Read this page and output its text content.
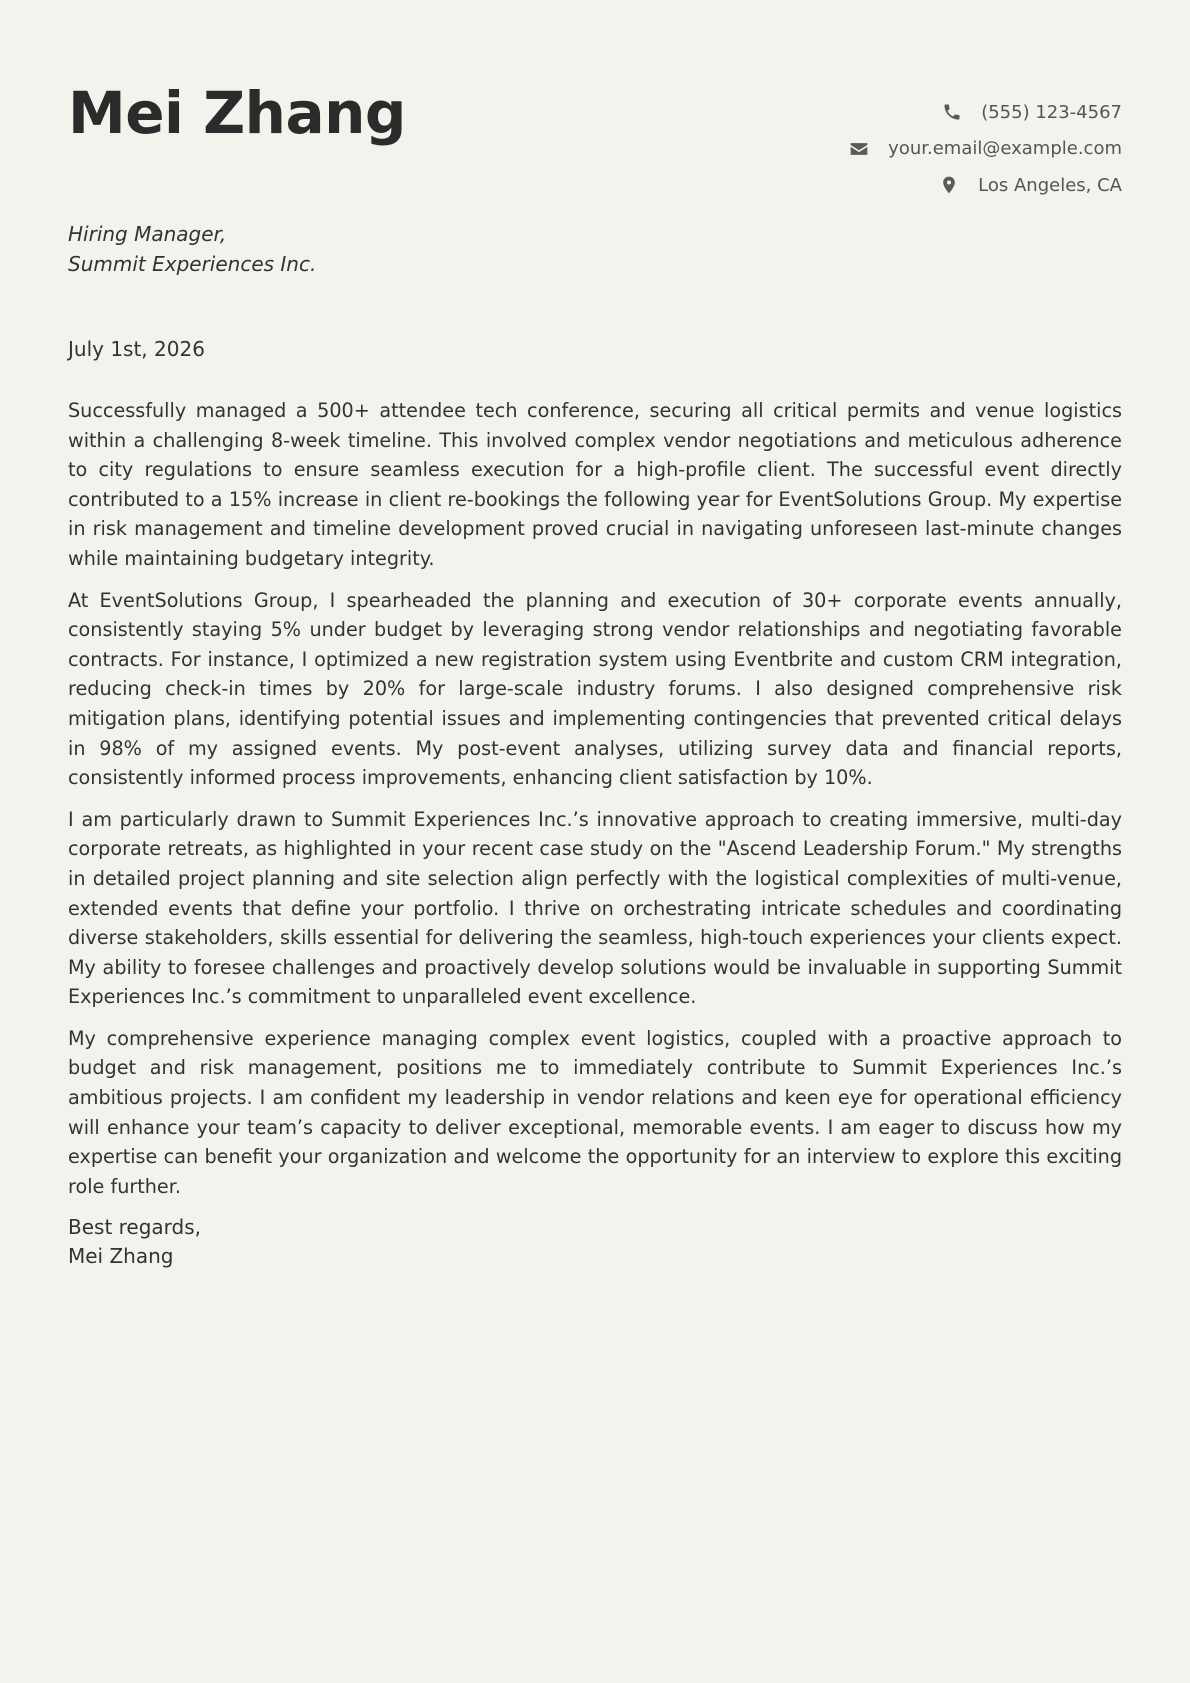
Mei Zhang	(555) 123-4567
your.email@example.com
Los Angeles, CA
Hiring Manager,
Summit Experiences Inc.
July 1st, 2026

Successfully managed a 500+ attendee tech conference, securing all critical permits and venue logistics within a challenging 8-week timeline. This involved complex vendor negotiations and meticulous adherence to city regulations to ensure seamless execution for a high-profile client. The successful event directly contributed to a 15% increase in client re-bookings the following year for EventSolutions Group. My expertise in risk management and timeline development proved crucial in navigating unforeseen last-minute changes while maintaining budgetary integrity.

At EventSolutions Group, I spearheaded the planning and execution of 30+ corporate events annually, consistently staying 5% under budget by leveraging strong vendor relationships and negotiating favorable contracts. For instance, I optimized a new registration system using Eventbrite and custom CRM integration, reducing check-in times by 20% for large-scale industry forums. I also designed comprehensive risk mitigation plans, identifying potential issues and implementing contingencies that prevented critical delays in 98% of my assigned events. My post-event analyses, utilizing survey data and financial reports, consistently informed process improvements, enhancing client satisfaction by 10%.

I am particularly drawn to Summit Experiences Inc.’s innovative approach to creating immersive, multi-day corporate retreats, as highlighted in your recent case study on the "Ascend Leadership Forum." My strengths in detailed project planning and site selection align perfectly with the logistical complexities of multi-venue, extended events that define your portfolio. I thrive on orchestrating intricate schedules and coordinating diverse stakeholders, skills essential for delivering the seamless, high-touch experiences your clients expect. My ability to foresee challenges and proactively develop solutions would be invaluable in supporting Summit Experiences Inc.’s commitment to unparalleled event excellence.

My comprehensive experience managing complex event logistics, coupled with a proactive approach to budget and risk management, positions me to immediately contribute to Summit Experiences Inc.’s ambitious projects. I am confident my leadership in vendor relations and keen eye for operational efficiency will enhance your team’s capacity to deliver exceptional, memorable events. I am eager to discuss how my expertise can benefit your organization and welcome the opportunity for an interview to explore this exciting role further.

Best regards,
Mei Zhang
